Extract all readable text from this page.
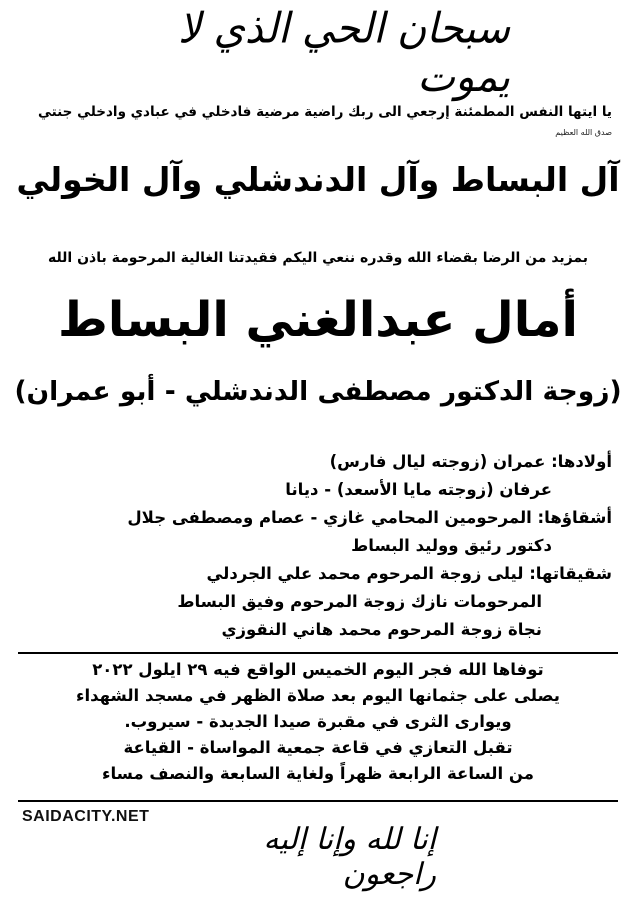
سبحان الحي الذي لا يموت
يا ايتها النفس المطمئنة إرجعي الى ربك راضية مرضية فادخلي في عبادي وادخلي جنتي
صدق الله العظيم
آل البساط وآل الدندشلي وآل الخولي
بمزيد من الرضا بقضاء الله وقدره ننعي اليكم فقيدتنا الغالية المرحومة باذن الله
أمال عبدالغني البساط
(زوجة الدكتور مصطفى الدندشلي - أبو عمران)
أولادها: عمران (زوجته ليال فارس)
عرفان (زوجته مايا الأسعد) - ديانا
أشقاؤها: المرحومين المحامي غازي - عصام ومصطفى جلال
دكتور رئيق ووليد البساط
شقيقاتها: ليلى زوجة المرحوم محمد علي الجردلي
المرحومات نازك زوجة المرحوم وفيق البساط
نجاة زوجة المرحوم محمد هاني النقوزي
توفاها الله فجر اليوم الخميس الواقع فيه ٢٩ ايلول ٢٠٢٢
يصلى على جثمانها اليوم بعد صلاة الظهر في مسجد الشهداء
ويوارى الثرى في مقبرة صيدا الجديدة - سيروب.
تقبل التعازي في قاعة جمعية المواساة - القياعة
من الساعة الرابعة ظهراً ولغاية السابعة والنصف مساء
SAIDACITY.NET
إنا لله وإنا إليه راجعون
